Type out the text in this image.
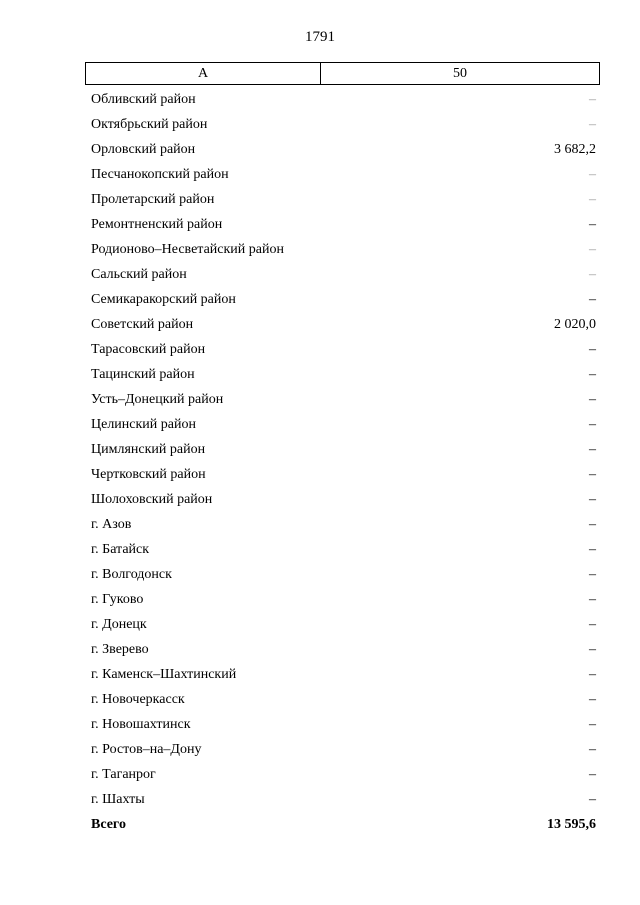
1791
А	50
Обливский район	–
Октябрьский район	–
Орловский район	3 682,2
Песчанокопский район	–
Пролетарский район	–
Ремонтненский район	–
Родионово–Несветайский район	–
Сальский район	–
Семикаракорский район	–
Советский район	2 020,0
Тарасовский район	–
Тацинский район	–
Усть–Донецкий район	–
Целинский район	–
Цимлянский район	–
Чертковский район	–
Шолоховский район	–
г. Азов	–
г. Батайск	–
г. Волгодонск	–
г. Гуково	–
г. Донецк	–
г. Зверево	–
г. Каменск–Шахтинский	–
г. Новочеркасск	–
г. Новошахтинск	–
г. Ростов–на–Дону	–
г. Таганрог	–
г. Шахты	–
Всего	13 595,6
